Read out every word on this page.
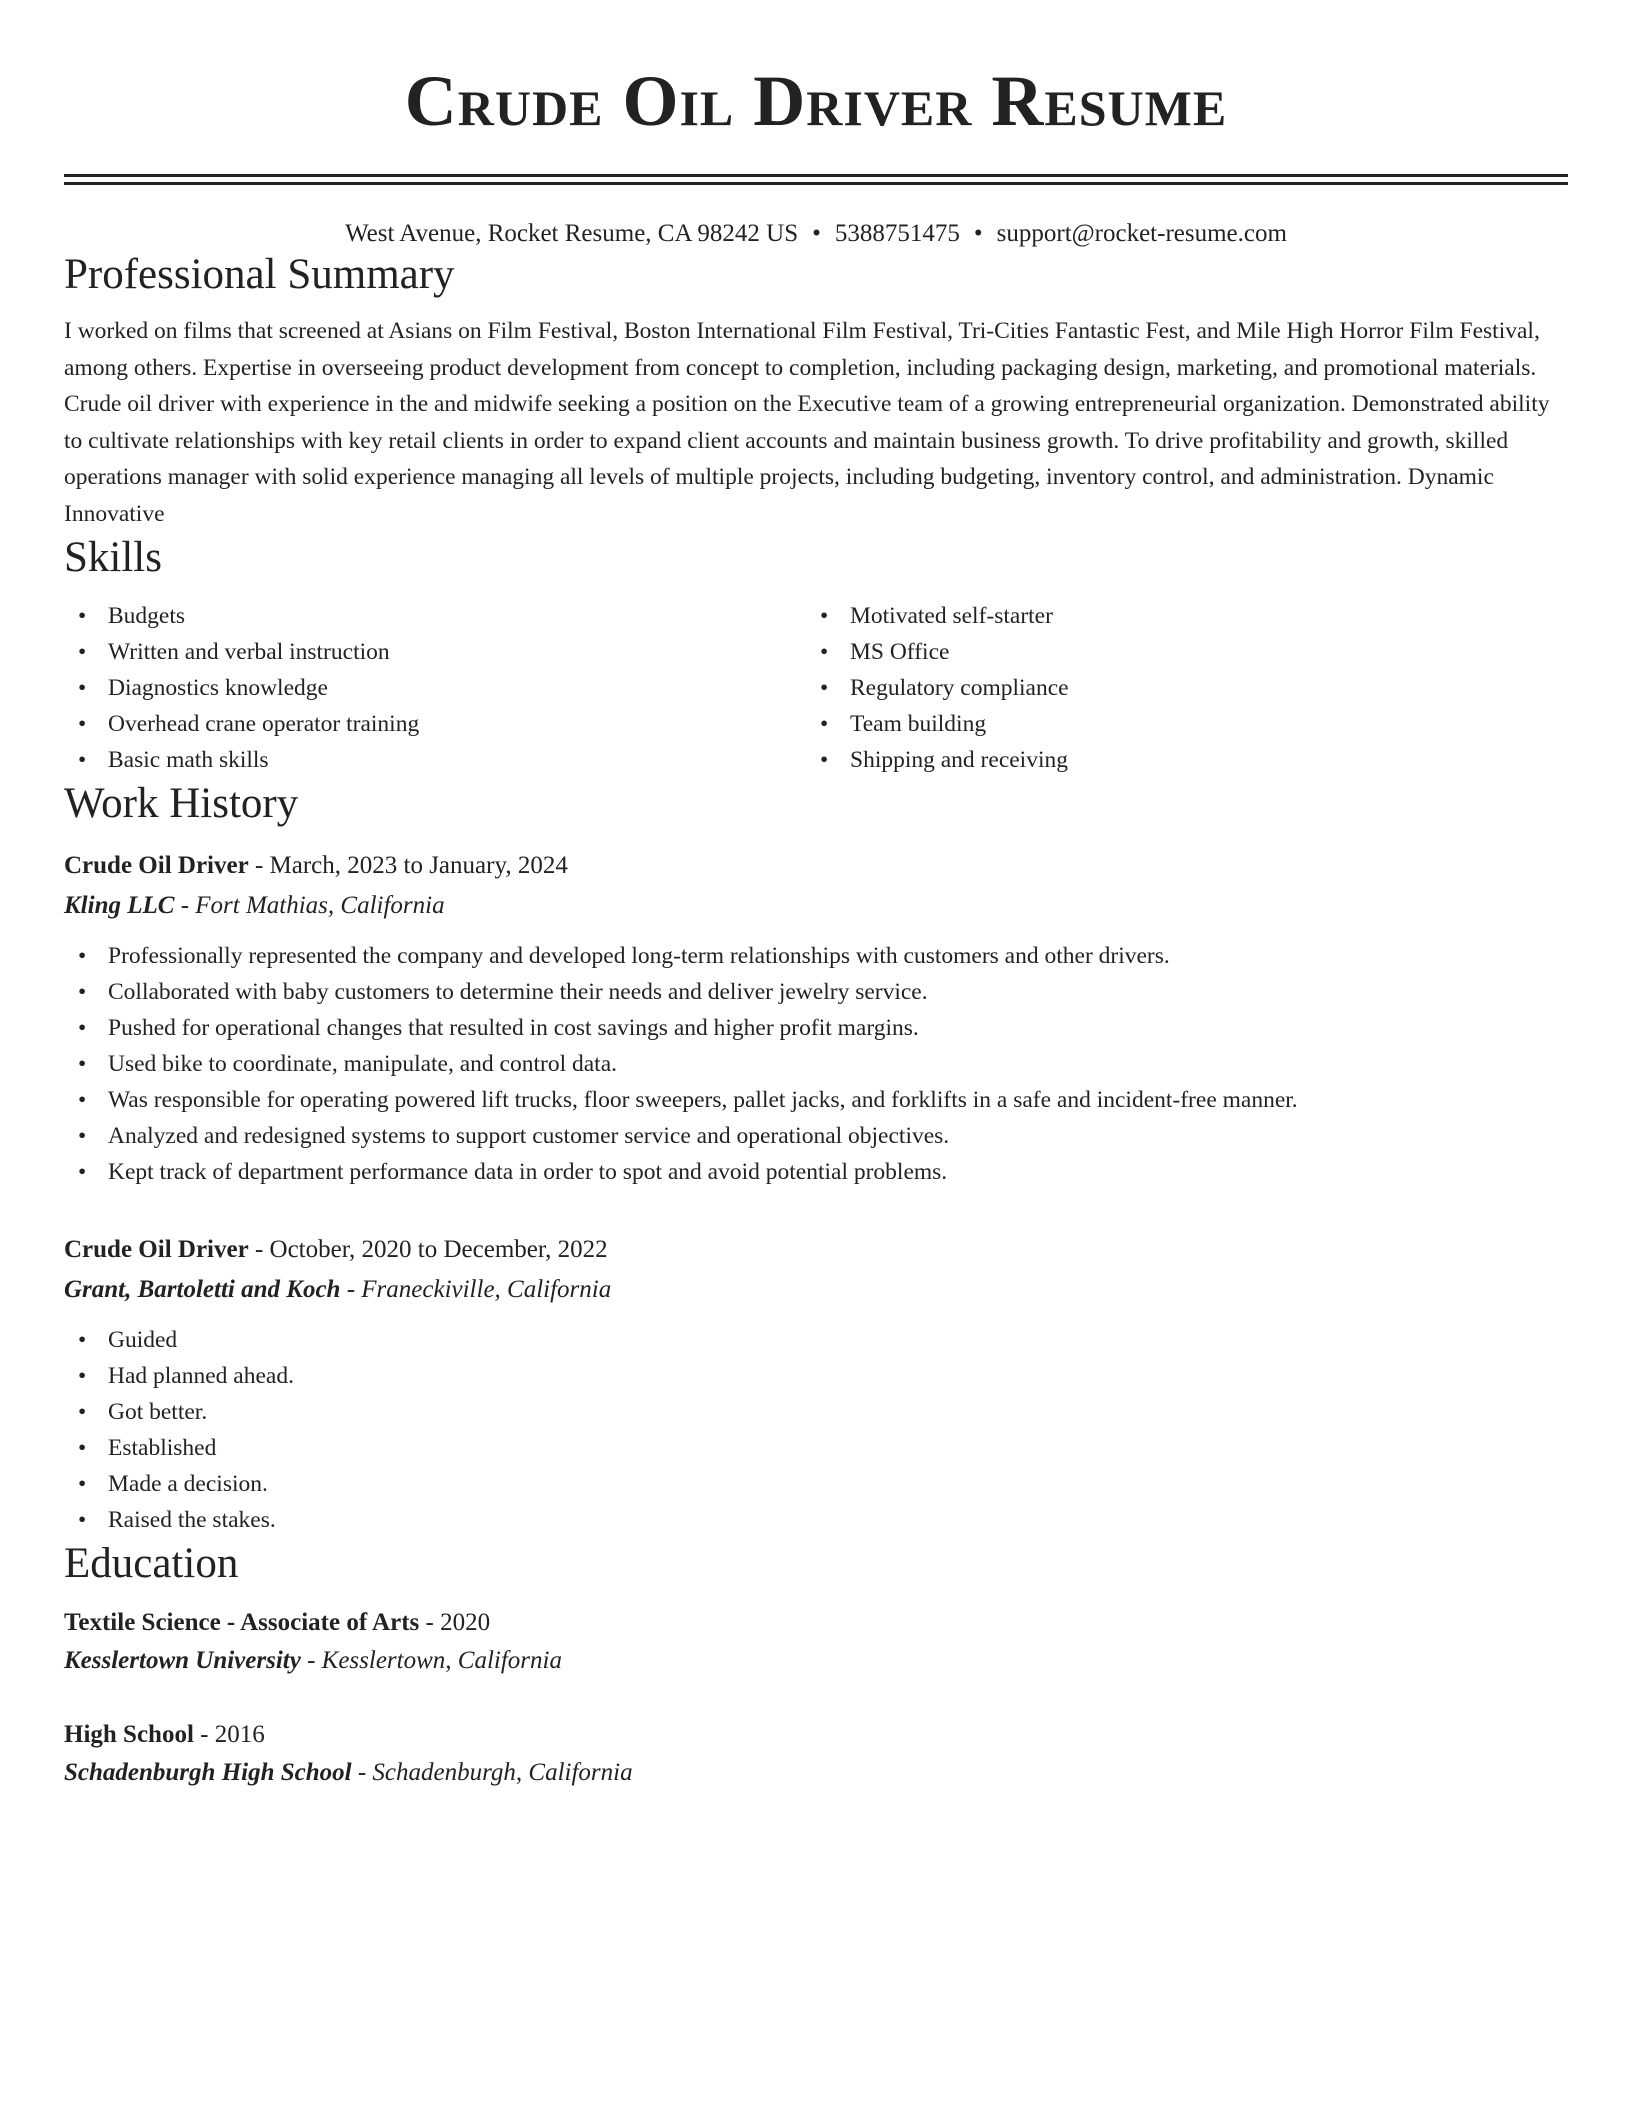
Crude Oil Driver Resume
West Avenue, Rocket Resume, CA 98242 US • 5388751475 • support@rocket-resume.com
Professional Summary

I worked on films that screened at Asians on Film Festival, Boston International Film Festival, Tri-Cities Fantastic Fest, and Mile High Horror Film Festival, among others. Expertise in overseeing product development from concept to completion, including packaging design, marketing, and promotional materials. Crude oil driver with experience in the and midwife seeking a position on the Executive team of a growing entrepreneurial organization. Demonstrated ability to cultivate relationships with key retail clients in order to expand client accounts and maintain business growth. To drive profitability and growth, skilled operations manager with solid experience managing all levels of multiple projects, including budgeting, inventory control, and administration. Dynamic Innovative

Skills
• Budgets
• Written and verbal instruction
• Diagnostics knowledge
• Overhead crane operator training
• Basic math skills
• Motivated self-starter
• MS Office
• Regulatory compliance
• Team building
• Shipping and receiving
Work History
Crude Oil Driver - March, 2023 to January, 2024
Kling LLC - Fort Mathias, California
• Professionally represented the company and developed long-term relationships with customers and other drivers.
• Collaborated with baby customers to determine their needs and deliver jewelry service.
• Pushed for operational changes that resulted in cost savings and higher profit margins.
• Used bike to coordinate, manipulate, and control data.
• Was responsible for operating powered lift trucks, floor sweepers, pallet jacks, and forklifts in a safe and incident-free manner.
• Analyzed and redesigned systems to support customer service and operational objectives.
• Kept track of department performance data in order to spot and avoid potential problems.
Crude Oil Driver - October, 2020 to December, 2022
Grant, Bartoletti and Koch - Franeckiville, California
• Guided
• Had planned ahead.
• Got better.
• Established
• Made a decision.
• Raised the stakes.
Education
Textile Science - Associate of Arts - 2020
Kesslertown University - Kesslertown, California
High School - 2016
Schadenburgh High School - Schadenburgh, California
